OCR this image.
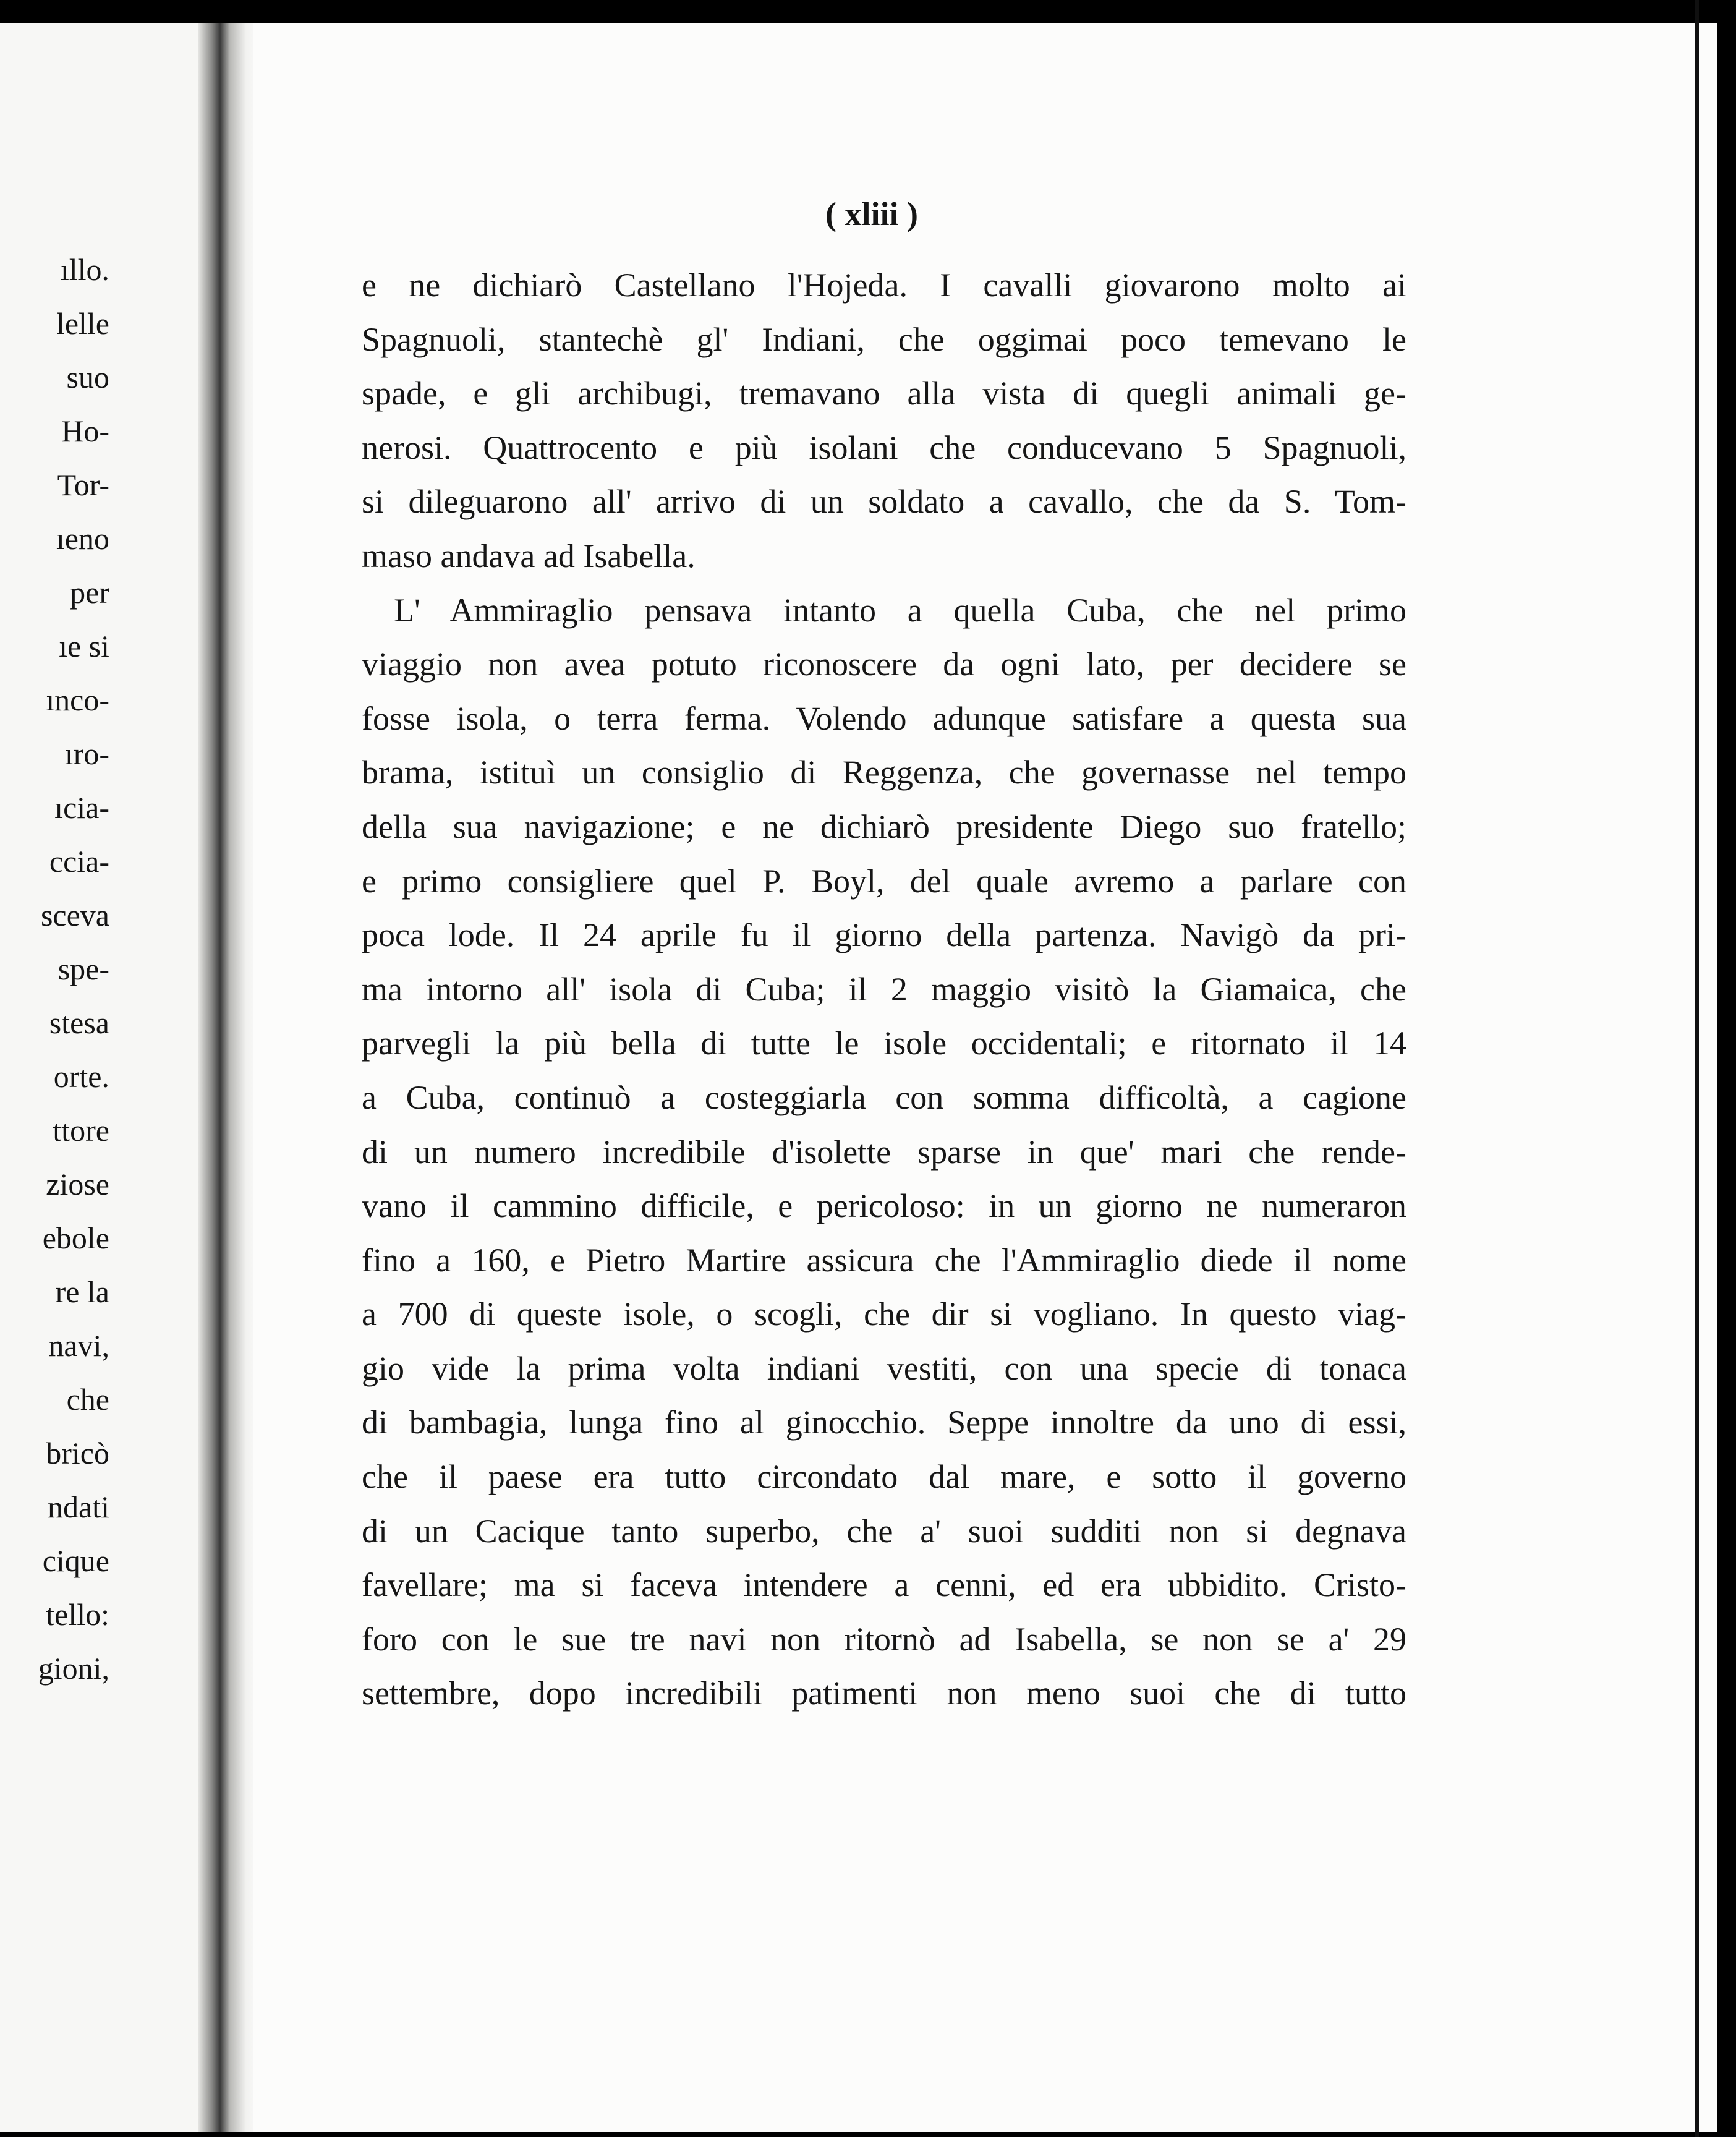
ıllo.
lelle
suo
Ho-
Tor-
ıeno
per
ıe si
ınco-
ıro-
ıcia-
ccia-
sceva
spe-
stesa
orte.
ttore
ziose
ebole
re la
navi,
che
bricò
ndati
cique
tello:
gioni,
( xliii )
e ne dichiarò Castellano l'Hojeda. I cavalli giovarono molto ai
Spagnuoli, stantechè gl' Indiani, che oggimai poco temevano le
spade, e gli archibugi, tremavano alla vista di quegli animali ge-
nerosi. Quattrocento e più isolani che conducevano 5 Spagnuoli,
si dileguarono all' arrivo di un soldato a cavallo, che da S. Tom-
maso andava ad Isabella.
L' Ammiraglio pensava intanto a quella Cuba, che nel primo
viaggio non avea potuto riconoscere da ogni lato, per decidere se
fosse isola, o terra ferma. Volendo adunque satisfare a questa sua
brama, istituì un consiglio di Reggenza, che governasse nel tempo
della sua navigazione; e ne dichiarò presidente Diego suo fratello;
e primo consigliere quel P. Boyl, del quale avremo a parlare con
poca lode. Il 24 aprile fu il giorno della partenza. Navigò da pri-
ma intorno all' isola di Cuba; il 2 maggio visitò la Giamaica, che
parvegli la più bella di tutte le isole occidentali; e ritornato il 14
a Cuba, continuò a costeggiarla con somma difficoltà, a cagione
di un numero incredibile d'isolette sparse in que' mari che rende-
vano il cammino difficile, e pericoloso: in un giorno ne numeraron
fino a 160, e Pietro Martire assicura che l'Ammiraglio diede il nome
a 700 di queste isole, o scogli, che dir si vogliano. In questo viag-
gio vide la prima volta indiani vestiti, con una specie di tonaca
di bambagia, lunga fino al ginocchio. Seppe innoltre da uno di essi,
che il paese era tutto circondato dal mare, e sotto il governo
di un Cacique tanto superbo, che a' suoi sudditi non si degnava
favellare; ma si faceva intendere a cenni, ed era ubbidito. Cristo-
foro con le sue tre navi non ritornò ad Isabella, se non se a' 29
settembre, dopo incredibili patimenti non meno suoi che di tutto
